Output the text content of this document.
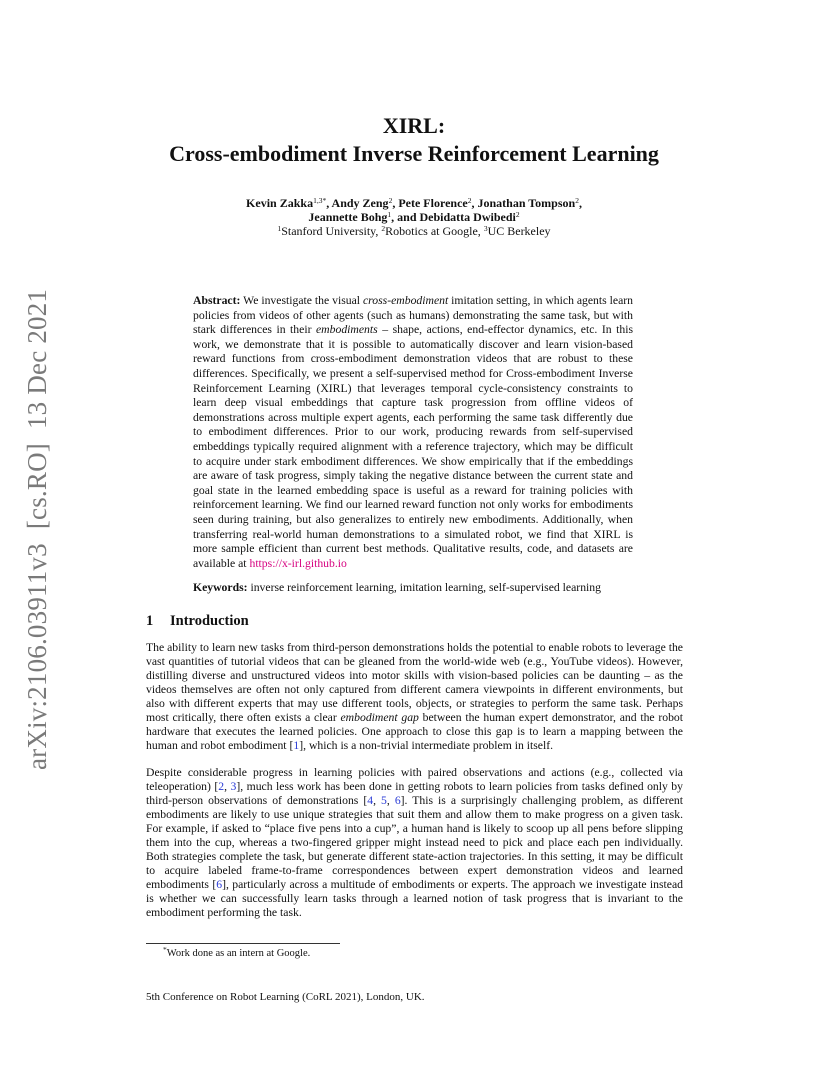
arXiv:2106.03911v3[cs.RO]13 Dec 2021
XIRL:
Cross-embodiment Inverse Reinforcement Learning
Kevin Zakka$^{1,3*}$, Andy Zeng$^2$, Pete Florence$^2$, Jonathan Tompson$^2$,
Jeannette Bohg$^1$, and Debidatta Dwibedi$^2$
$^1$Stanford University, $^2$Robotics at Google, $^3$UC Berkeley
Abstract: We investigate the visual cross-embodiment imitation setting, in which agents learn policies from videos of other agents (such as humans) demonstrating the same task, but with stark differences in their embodiments – shape, actions, end-effector dynamics, etc. In this work, we demonstrate that it is possible to automatically discover and learn vision-based reward functions from cross-embodiment demonstration videos that are robust to these differences. Specifically, we present a self-supervised method for Cross-embodiment Inverse Reinforcement Learning (XIRL) that leverages temporal cycle-consistency constraints to learn deep visual embeddings that capture task progression from offline videos of demonstrations across multiple expert agents, each performing the same task differently due to embodiment differences. Prior to our work, producing rewards from self-supervised embeddings typically required alignment with a reference trajectory, which may be difficult to acquire under stark embodiment differences. We show empirically that if the embeddings are aware of task progress, simply taking the negative distance between the current state and goal state in the learned embedding space is useful as a reward for training policies with reinforcement learning. We find our learned reward function not only works for embodiments seen during training, but also generalizes to entirely new embodiments. Additionally, when transferring real-world human demonstrations to a simulated robot, we find that XIRL is more sample efficient than current best methods. Qualitative results, code, and datasets are available at https://x-irl.github.io
Keywords: inverse reinforcement learning, imitation learning, self-supervised learning
1 Introduction
The ability to learn new tasks from third-person demonstrations holds the potential to enable robots to leverage the vast quantities of tutorial videos that can be gleaned from the world-wide web (e.g., YouTube videos). However, distilling diverse and unstructured videos into motor skills with vision-based policies can be daunting – as the videos themselves are often not only captured from different camera viewpoints in different environments, but also with different experts that may use different tools, objects, or strategies to perform the same task. Perhaps most critically, there often exists a clear embodiment gap between the human expert demonstrator, and the robot hardware that executes the learned policies. One approach to close this gap is to learn a mapping between the human and robot embodiment [1], which is a non-trivial intermediate problem in itself.
Despite considerable progress in learning policies with paired observations and actions (e.g., collected via teleoperation) [2, 3], much less work has been done in getting robots to learn policies from tasks defined only by third-person observations of demonstrations [4, 5, 6]. This is a surprisingly challenging problem, as different embodiments are likely to use unique strategies that suit them and allow them to make progress on a given task. For example, if asked to “place five pens into a cup”, a human hand is likely to scoop up all pens before slipping them into the cup, whereas a two-fingered gripper might instead need to pick and place each pen individually. Both strategies complete the task, but generate different state-action trajectories. In this setting, it may be difficult to acquire labeled frame-to-frame correspondences between expert demonstration videos and learned embodiments [6], particularly across a multitude of embodiments or experts. The approach we investigate instead is whether we can successfully learn tasks through a learned notion of task progress that is invariant to the embodiment performing the task.
*Work done as an intern at Google.
5th Conference on Robot Learning (CoRL 2021), London, UK.
